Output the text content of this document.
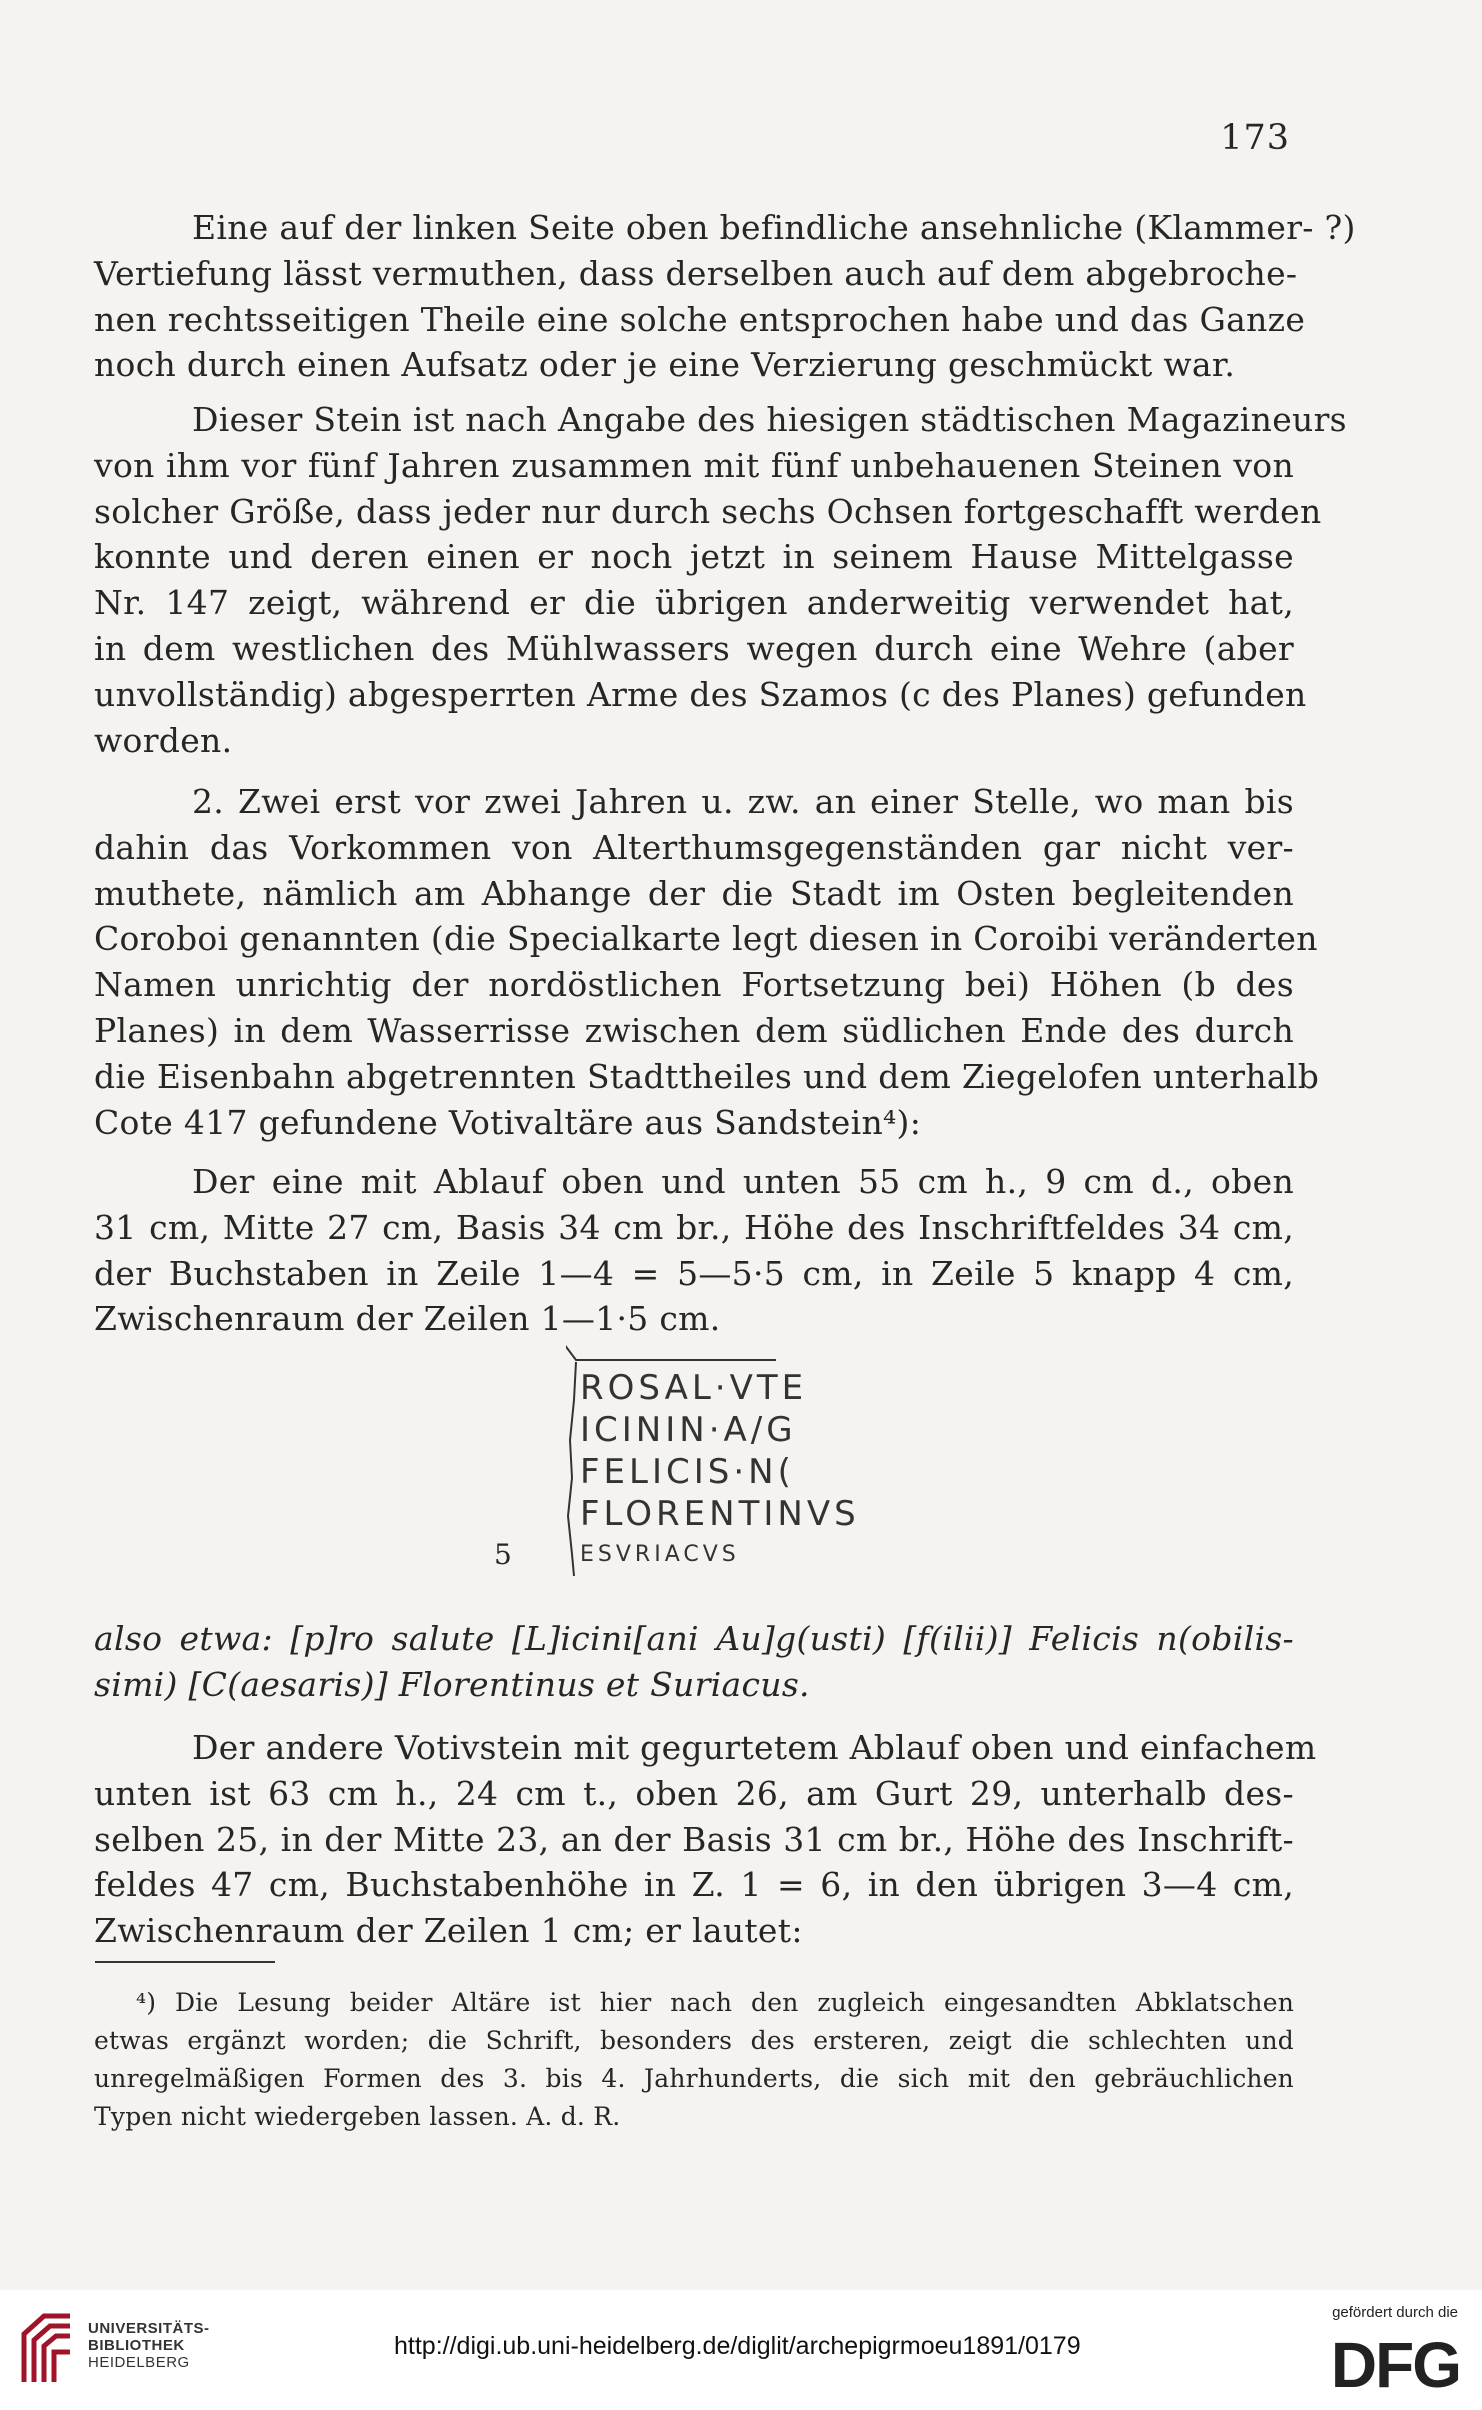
173
Eine auf der linken Seite oben befindliche ansehnliche (Klammer- ?)
Vertiefung lässt vermuthen, dass derselben auch auf dem abgebroche-
nen rechtsseitigen Theile eine solche entsprochen habe und das Ganze
noch durch einen Aufsatz oder je eine Verzierung geschmückt war.
Dieser Stein ist nach Angabe des hiesigen städtischen Magazineurs
von ihm vor fünf Jahren zusammen mit fünf unbehauenen Steinen von
solcher Größe, dass jeder nur durch sechs Ochsen fortgeschafft werden
konnte und deren einen er noch jetzt in seinem Hause Mittelgasse
Nr. 147 zeigt, während er die übrigen anderweitig verwendet hat,
in dem westlichen des Mühlwassers wegen durch eine Wehre (aber
unvollständig) abgesperrten Arme des Szamos (c des Planes) gefunden
worden.
2. Zwei erst vor zwei Jahren u. zw. an einer Stelle, wo man bis
dahin das Vorkommen von Alterthumsgegenständen gar nicht ver-
muthete, nämlich am Abhange der die Stadt im Osten begleitenden
Coroboi genannten (die Specialkarte legt diesen in Coroibi veränderten
Namen unrichtig der nordöstlichen Fortsetzung bei) Höhen (b des
Planes) in dem Wasserrisse zwischen dem südlichen Ende des durch
die Eisenbahn abgetrennten Stadttheiles und dem Ziegelofen unterhalb
Cote 417 gefundene Votivaltäre aus Sandstein⁴):
Der eine mit Ablauf oben und unten 55 cm h., 9 cm d., oben
31 cm, Mitte 27 cm, Basis 34 cm br., Höhe des Inschriftfeldes 34 cm,
der Buchstaben in Zeile 1—4 = 5—5·5 cm, in Zeile 5 knapp 4 cm,
Zwischenraum der Zeilen 1—1·5 cm.
ROSAL·VTE
ICININ·A/G
FELICIS·N(
FLORENTINVS
ESVRIACVS
5
also etwa: [p]ro salute [L]icini[ani Au]g(usti) [f(ilii)] Felicis n(obilis-
simi) [C(aesaris)] Florentinus et Suriacus.
Der andere Votivstein mit gegurtetem Ablauf oben und einfachem
unten ist 63 cm h., 24 cm t., oben 26, am Gurt 29, unterhalb des-
selben 25, in der Mitte 23, an der Basis 31 cm br., Höhe des Inschrift-
feldes 47 cm, Buchstabenhöhe in Z. 1 = 6, in den übrigen 3—4 cm,
Zwischenraum der Zeilen 1 cm; er lautet:
⁴) Die Lesung beider Altäre ist hier nach den zugleich eingesandten Abklatschen
etwas ergänzt worden; die Schrift, besonders des ersteren, zeigt die schlechten und
unregelmäßigen Formen des 3. bis 4. Jahrhunderts, die sich mit den gebräuchlichen
Typen nicht wiedergeben lassen. A. d. R.
UNIVERSITÄTS-
BIBLIOTHEK
HEIDELBERG
http://digi.ub.uni-heidelberg.de/diglit/archepigrmoeu1891/0179
gefördert durch die
DFG
